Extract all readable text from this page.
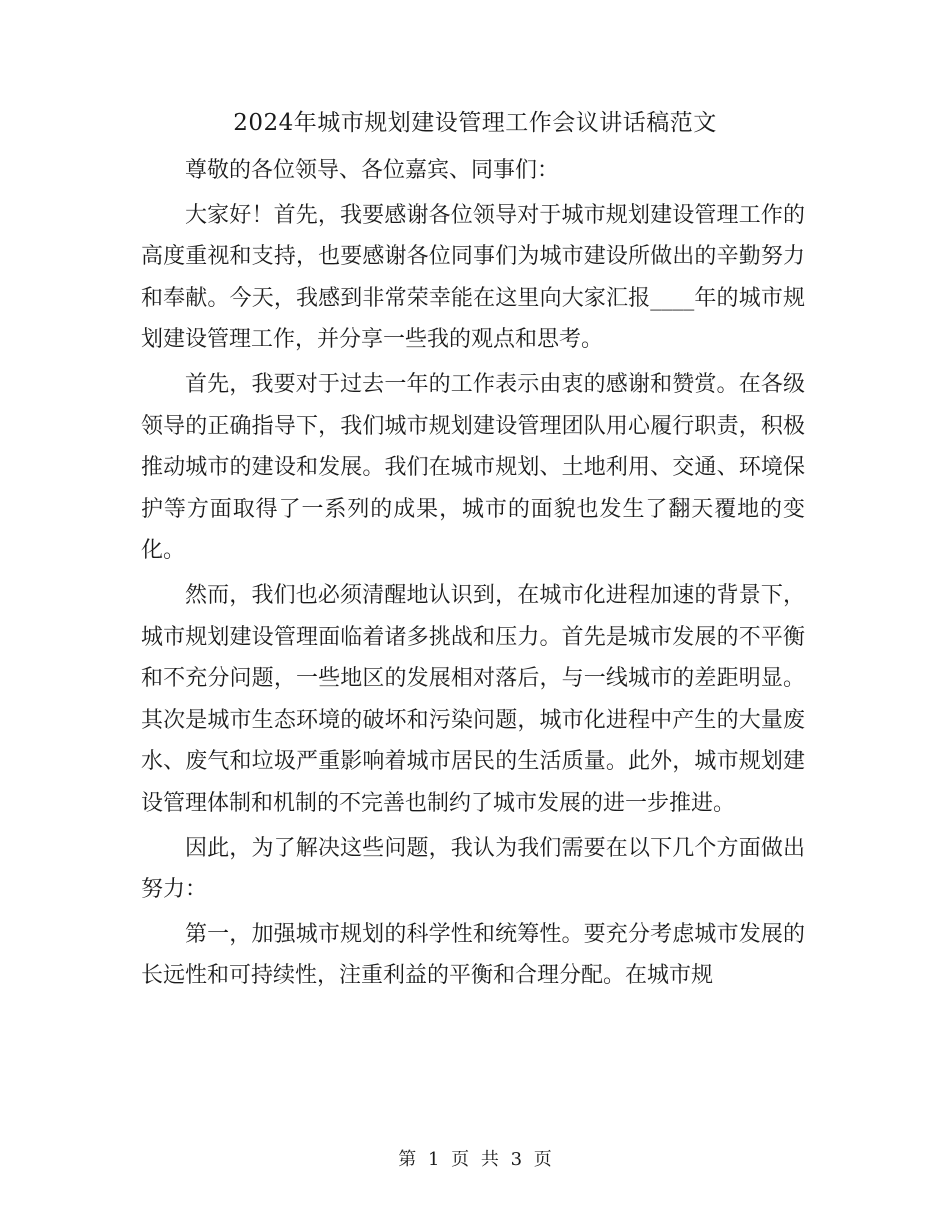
2024年城市规划建设管理工作会议讲话稿范文

尊敬的各位领导、各位嘉宾、同事们：

大家好！首先，我要感谢各位领导对于城市规划建设管理工作的高度重视和支持，也要感谢各位同事们为城市建设所做出的辛勤努力和奉献。今天，我感到非常荣幸能在这里向大家汇报____年的城市规划建设管理工作，并分享一些我的观点和思考。

首先，我要对于过去一年的工作表示由衷的感谢和赞赏。在各级领导的正确指导下，我们城市规划建设管理团队用心履行职责，积极推动城市的建设和发展。我们在城市规划、土地利用、交通、环境保护等方面取得了一系列的成果，城市的面貌也发生了翻天覆地的变化。

然而，我们也必须清醒地认识到，在城市化进程加速的背景下，城市规划建设管理面临着诸多挑战和压力。首先是城市发展的不平衡和不充分问题，一些地区的发展相对落后，与一线城市的差距明显。其次是城市生态环境的破坏和污染问题，城市化进程中产生的大量废水、废气和垃圾严重影响着城市居民的生活质量。此外，城市规划建设管理体制和机制的不完善也制约了城市发展的进一步推进。

因此，为了解决这些问题，我认为我们需要在以下几个方面做出努力：

第一，加强城市规划的科学性和统筹性。要充分考虑城市发展的长远性和可持续性，注重利益的平衡和合理分配。在城市规

第 1 页 共 3 页
